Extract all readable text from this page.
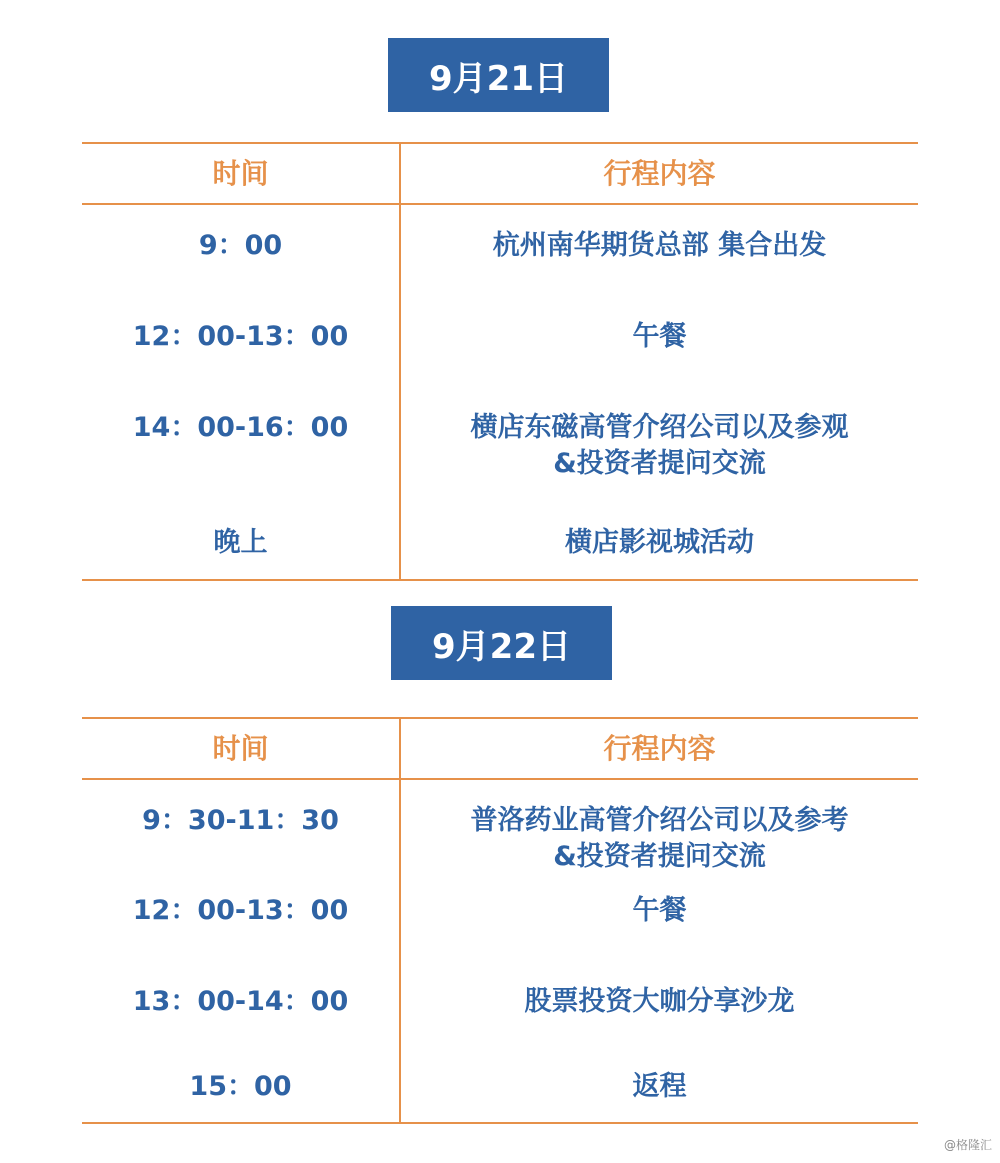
9月21日
时间	行程内容
9：00	杭州南华期货总部 集合出发
12：00-13：00	午餐
14：00-16：00	横店东磁高管介绍公司以及参观
&投资者提问交流
晚上	横店影视城活动
9月22日
时间	行程内容
9：30-11：30	普洛药业高管介绍公司以及参考
&投资者提问交流
12：00-13：00	午餐
13：00-14：00	股票投资大咖分享沙龙
15：00	返程
@格隆汇
